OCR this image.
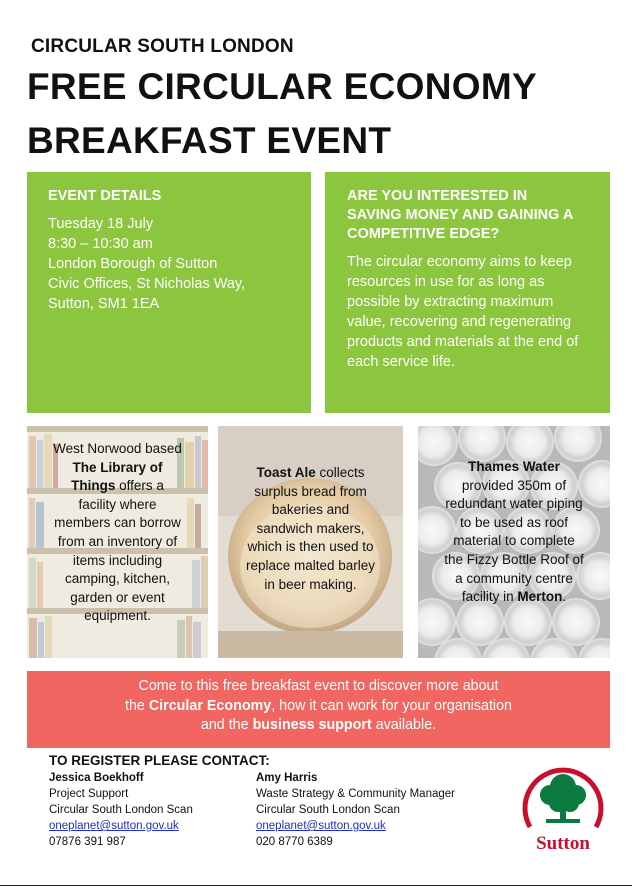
CIRCULAR SOUTH LONDON
FREE CIRCULAR ECONOMY
BREAKFAST EVENT
EVENT DETAILS
Tuesday 18 July
8:30 – 10:30 am
London Borough of Sutton
Civic Offices, St Nicholas Way,
Sutton, SM1 1EA
ARE YOU INTERESTED IN
SAVING MONEY AND GAINING A
COMPETITIVE EDGE?
The circular economy aims to keep
resources in use for as long as
possible by extracting maximum
value, recovering and regenerating
products and materials at the end of
each service life.
West Norwood based
The Library of
Things offers a
facility where
members can borrow
from an inventory of
items including
camping, kitchen,
garden or event
equipment.
Toast Ale collects
surplus bread from
bakeries and
sandwich makers,
which is then used to
replace malted barley
in beer making.
Thames Water
provided 350m of
redundant water piping
to be used as roof
material to complete
the Fizzy Bottle Roof of
a community centre
facility in Merton.
Come to this free breakfast event to discover more about
the Circular Economy, how it can work for your organisation
and the business support available.
TO REGISTER PLEASE CONTACT:
Jessica Boekhoff
Project Support
Circular South London Scan
oneplanet@sutton.gov.uk
07876 391 987
Amy Harris
Waste Strategy & Community Manager
Circular South London Scan
oneplanet@sutton.gov.uk
020 8770 6389	Sutton
